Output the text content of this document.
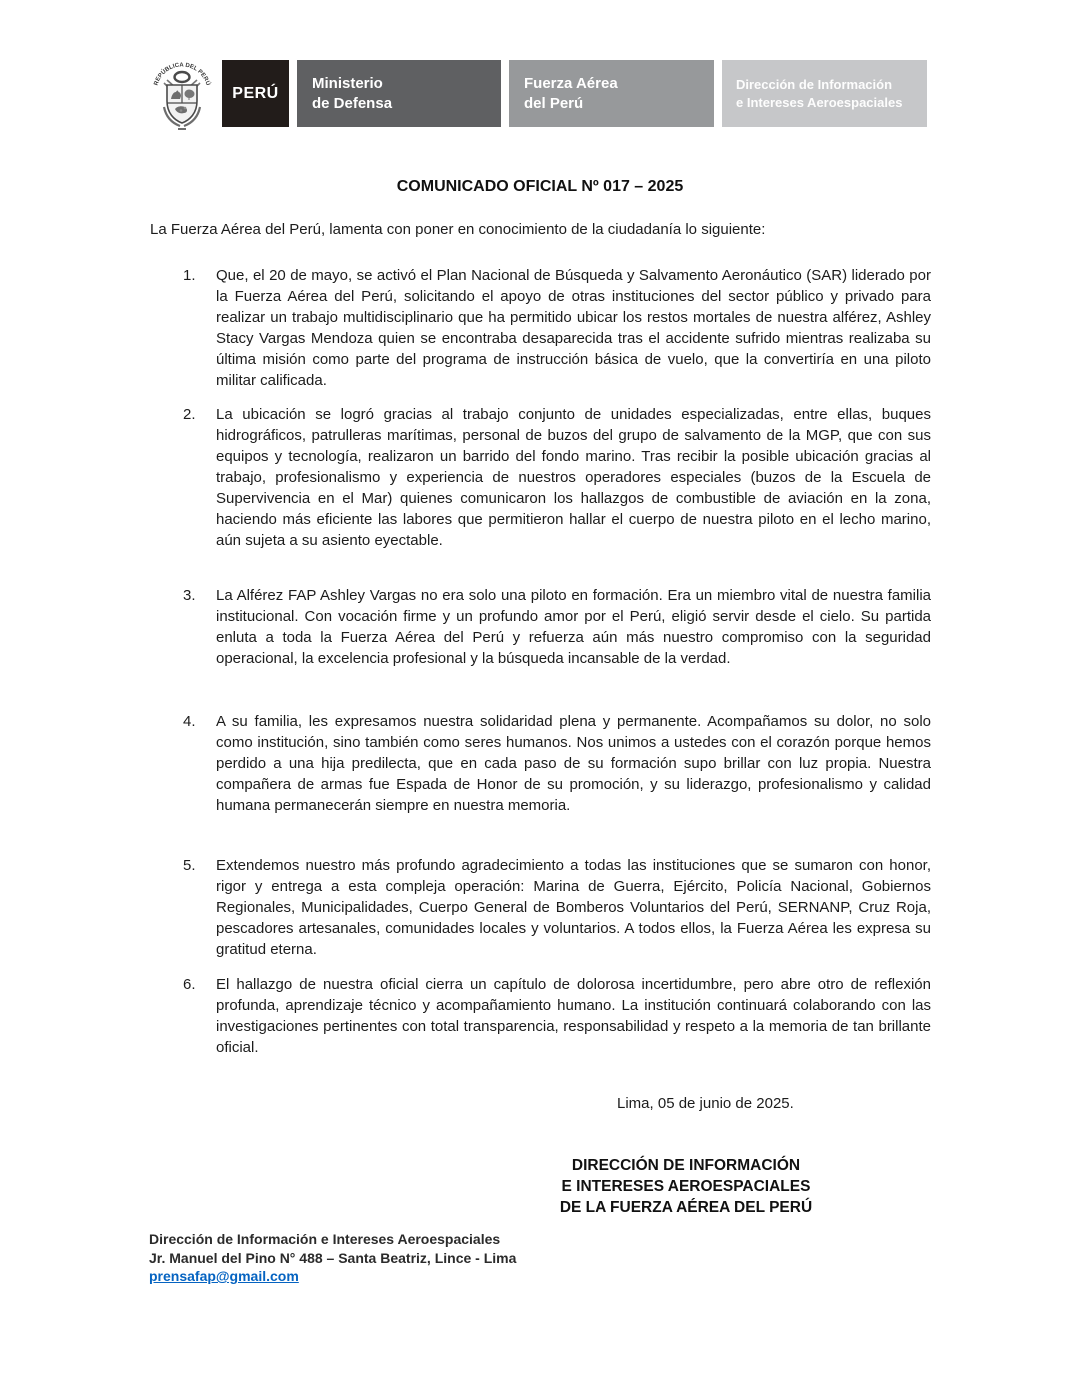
REPÚBLICA DEL PERÚ
PERÚ
Ministerio
de Defensa
Fuerza Aérea
del Perú
Dirección de Información
e Intereses Aeroespaciales
COMUNICADO OFICIAL Nº 017 – 2025
La Fuerza Aérea del Perú, lamenta con poner en conocimiento de la ciudadanía lo siguiente:
1.	Que, el 20 de mayo, se activó el Plan Nacional de Búsqueda y Salvamento Aeronáutico (SAR) liderado por la Fuerza Aérea del Perú, solicitando el apoyo de otras instituciones del sector público y privado para realizar un trabajo multidisciplinario que ha permitido ubicar los restos mortales de nuestra alférez, Ashley Stacy Vargas Mendoza quien se encontraba desaparecida tras el accidente sufrido mientras realizaba su última misión como parte del programa de instrucción básica de vuelo, que la convertiría en una piloto militar calificada.
2.	La ubicación se logró gracias al trabajo conjunto de unidades especializadas, entre ellas, buques hidrográficos, patrulleras marítimas, personal de buzos del grupo de salvamento de la MGP, que con sus equipos y tecnología, realizaron un barrido del fondo marino. Tras recibir la posible ubicación gracias al trabajo, profesionalismo y experiencia de nuestros operadores especiales (buzos de la Escuela de Supervivencia en el Mar) quienes comunicaron los hallazgos de combustible de aviación en la zona, haciendo más eficiente las labores que permitieron hallar el cuerpo de nuestra piloto en el lecho marino, aún sujeta a su asiento eyectable.
3.	La Alférez FAP Ashley Vargas no era solo una piloto en formación. Era un miembro vital de nuestra familia institucional. Con vocación firme y un profundo amor por el Perú, eligió servir desde el cielo. Su partida enluta a toda la Fuerza Aérea del Perú y refuerza aún más nuestro compromiso con la seguridad operacional, la excelencia profesional y la búsqueda incansable de la verdad.
4.	A su familia, les expresamos nuestra solidaridad plena y permanente. Acompañamos su dolor, no solo como institución, sino también como seres humanos. Nos unimos a ustedes con el corazón porque hemos perdido a una hija predilecta, que en cada paso de su formación supo brillar con luz propia. Nuestra compañera de armas fue Espada de Honor de su promoción, y su liderazgo, profesionalismo y calidad humana permanecerán siempre en nuestra memoria.
5.	Extendemos nuestro más profundo agradecimiento a todas las instituciones que se sumaron con honor, rigor y entrega a esta compleja operación: Marina de Guerra, Ejército, Policía Nacional, Gobiernos Regionales, Municipalidades, Cuerpo General de Bomberos Voluntarios del Perú, SERNANP, Cruz Roja, pescadores artesanales, comunidades locales y voluntarios. A todos ellos, la Fuerza Aérea les expresa su gratitud eterna.
6.	El hallazgo de nuestra oficial cierra un capítulo de dolorosa incertidumbre, pero abre otro de reflexión profunda, aprendizaje técnico y acompañamiento humano. La institución continuará colaborando con las investigaciones pertinentes con total transparencia, responsabilidad y respeto a la memoria de tan brillante oficial.
Lima, 05 de junio de 2025.
DIRECCIÓN DE INFORMACIÓN
E INTERESES AEROESPACIALES
DE LA FUERZA AÉREA DEL PERÚ
Dirección de Información e Intereses Aeroespaciales
Jr. Manuel del Pino N° 488 – Santa Beatriz, Lince - Lima
prensafap@gmail.com
